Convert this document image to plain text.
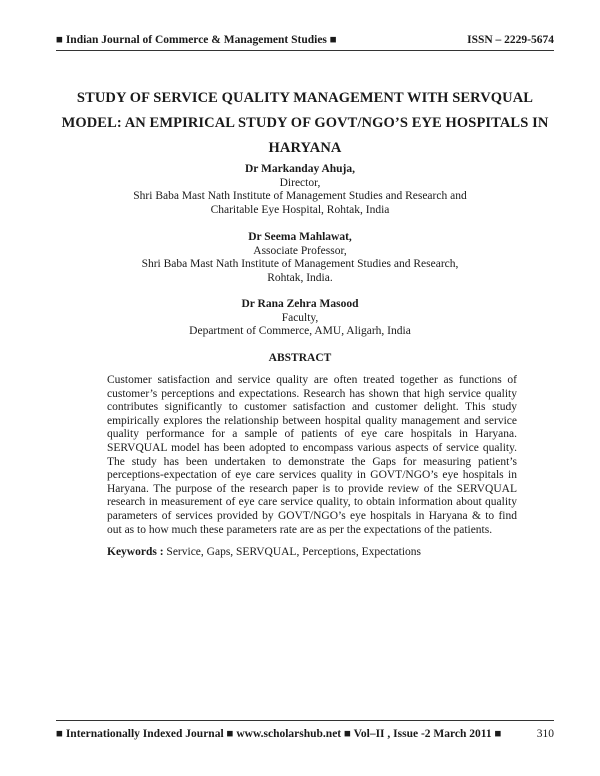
■ Indian Journal of Commerce & Management Studies ■	ISSN – 2229-5674
STUDY OF SERVICE QUALITY MANAGEMENT WITH SERVQUAL MODEL: AN EMPIRICAL STUDY OF GOVT/NGO’S EYE HOSPITALS IN HARYANA
Dr Markanday Ahuja,
Director,
Shri Baba Mast Nath Institute of Management Studies and Research and
Charitable Eye Hospital, Rohtak, India
Dr Seema Mahlawat,
Associate Professor,
Shri Baba Mast Nath Institute of Management Studies and Research,
Rohtak, India.
Dr Rana Zehra Masood
Faculty,
Department of Commerce, AMU, Aligarh, India
ABSTRACT
Customer satisfaction and service quality are often treated together as functions of customer’s perceptions and expectations. Research has shown that high service quality contributes significantly to customer satisfaction and customer delight. This study empirically explores the relationship between hospital quality management and service quality performance for a sample of patients of eye care hospitals in Haryana. SERVQUAL model has been adopted to encompass various aspects of service quality. The study has been undertaken to demonstrate the Gaps for measuring patient’s perceptions-expectation of eye care services quality in GOVT/NGO’s eye hospitals in Haryana. The purpose of the research paper is to provide review of the SERVQUAL research in measurement of eye care service quality, to obtain information about quality parameters of services provided by GOVT/NGO’s eye hospitals in Haryana & to find out as to how much these parameters rate are as per the expectations of the patients.
Keywords : Service, Gaps, SERVQUAL, Perceptions, Expectations
■ Internationally Indexed Journal ■ www.scholarshub.net ■ Vol–II , Issue -2 March 2011 ■	310
